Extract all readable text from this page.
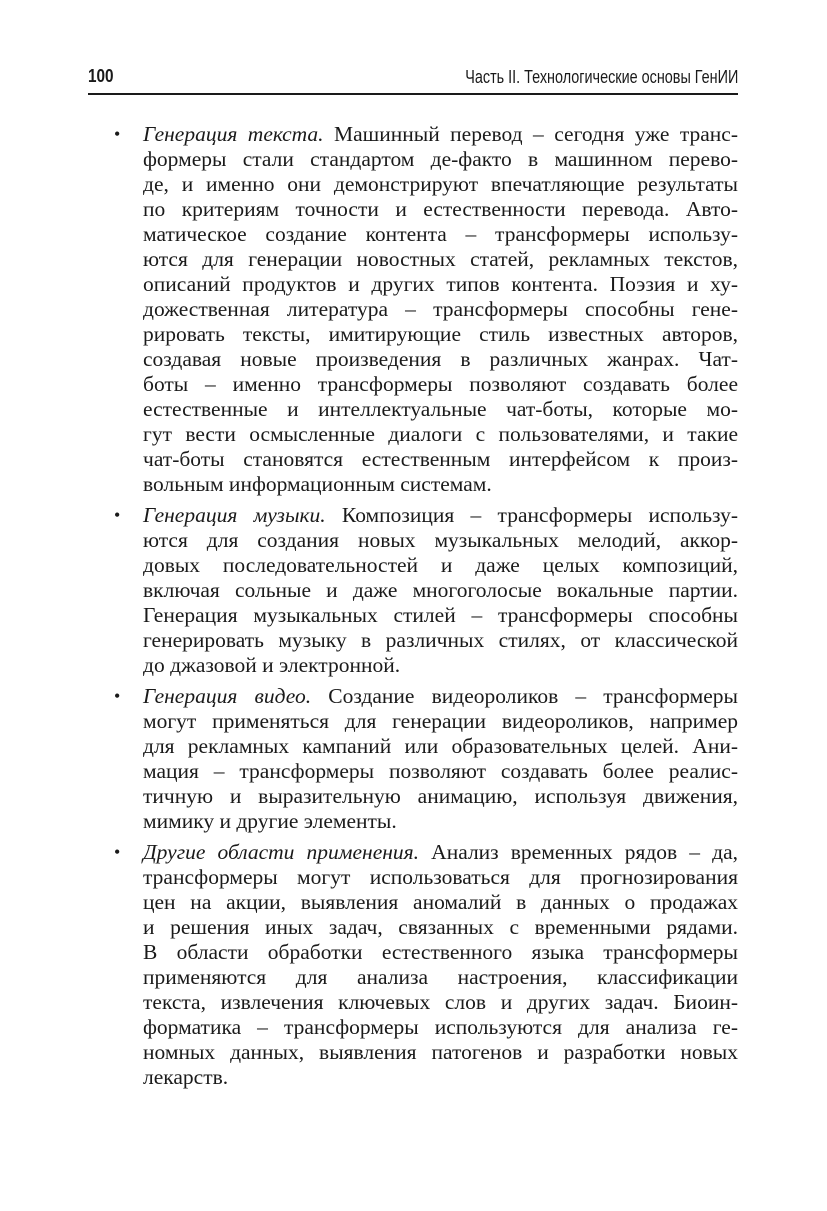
100	Часть II. Технологические основы ГенИИ
• Генерация текста. Машинный перевод – сегодня уже транс-
формеры стали стандартом де-факто в машинном перево-
де, и именно они демонстрируют впечатляющие результаты
по критериям точности и естественности перевода. Авто-
матическое создание контента – трансформеры использу-
ются для генерации новостных статей, рекламных текстов,
описаний продуктов и других типов контента. Поэзия и ху-
дожественная литература – трансформеры способны гене-
рировать тексты, имитирующие стиль известных авторов,
создавая новые произведения в различных жанрах. Чат-
боты – именно трансформеры позволяют создавать более
естественные и интеллектуальные чат-боты, которые мо-
гут вести осмысленные диалоги с пользователями, и такие
чат-боты становятся естественным интерфейсом к произ-
вольным информационным системам.
• Генерация музыки. Композиция – трансформеры использу-
ются для создания новых музыкальных мелодий, аккор-
довых последовательностей и даже целых композиций,
включая сольные и даже многоголосые вокальные партии.
Генерация музыкальных стилей – трансформеры способны
генерировать музыку в различных стилях, от классической
до джазовой и электронной.
• Генерация видео. Создание видеороликов – трансформеры
могут применяться для генерации видеороликов, например
для рекламных кампаний или образовательных целей. Ани-
мация – трансформеры позволяют создавать более реалис-
тичную и выразительную анимацию, используя движения,
мимику и другие элементы.
• Другие области применения. Анализ временных рядов – да,
трансформеры могут использоваться для прогнозирования
цен на акции, выявления аномалий в данных о продажах
и решения иных задач, связанных с временными рядами.
В области обработки естественного языка трансформеры
применяются для анализа настроения, классификации
текста, извлечения ключевых слов и других задач. Биоин-
форматика – трансформеры используются для анализа ге-
номных данных, выявления патогенов и разработки новых
лекарств.
